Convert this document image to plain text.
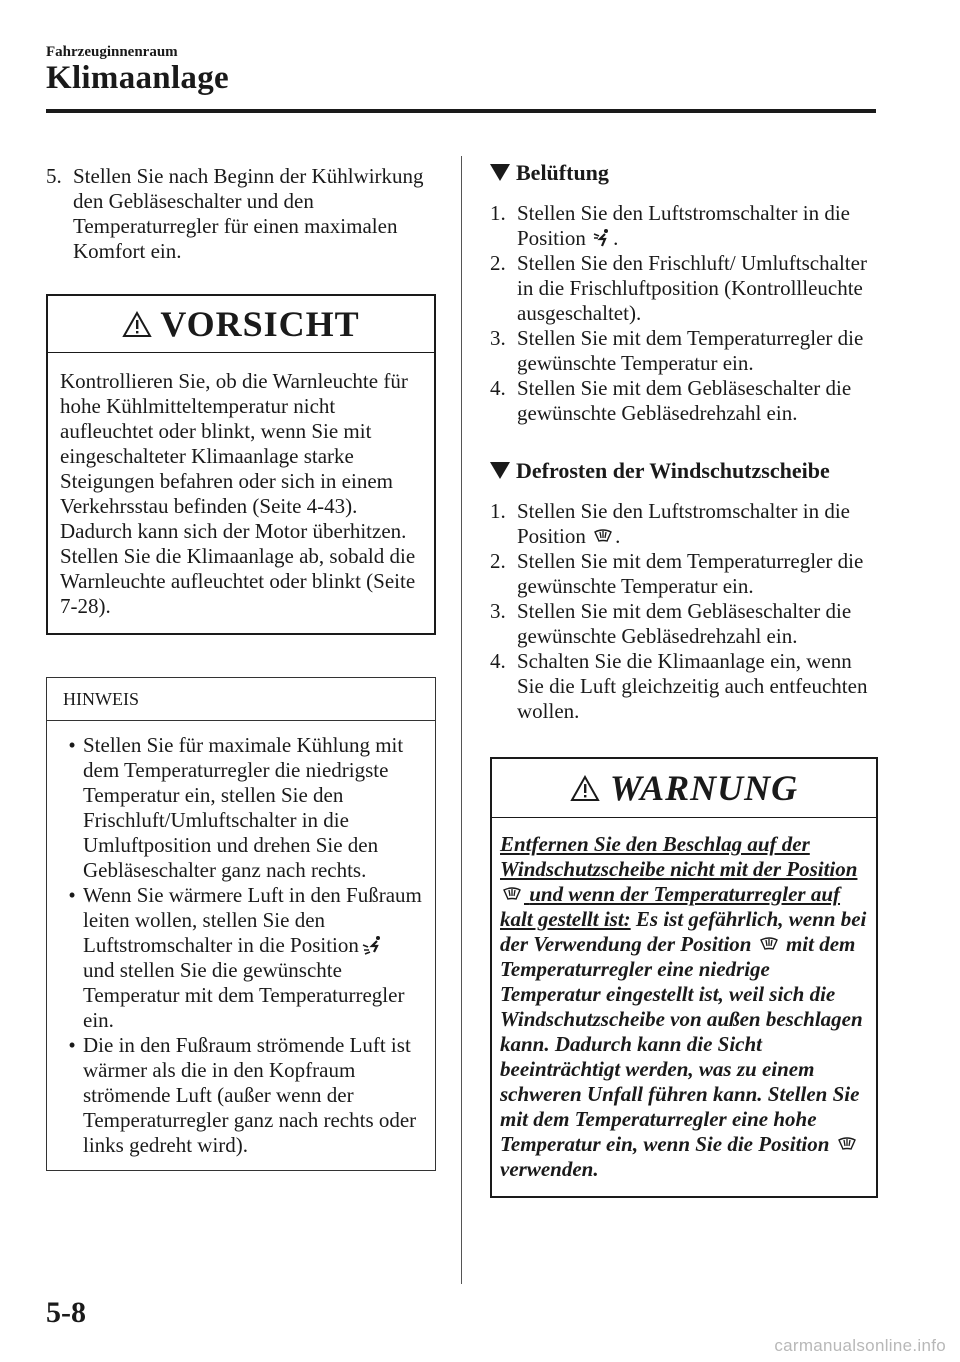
Fahrzeuginnenraum
Klimaanlage
5. Stellen Sie nach Beginn der Kühlwirkung den Gebläseschalter und den Temperaturregler für einen maximalen Komfort ein.
VORSICHT
Kontrollieren Sie, ob die Warnleuchte für hohe Kühlmitteltemperatur nicht aufleuchtet oder blinkt, wenn Sie mit eingeschalteter Klimaanlage starke Steigungen befahren oder sich in einem Verkehrsstau befinden (Seite 4-43). Dadurch kann sich der Motor überhitzen. Stellen Sie die Klimaanlage ab, sobald die Warnleuchte aufleuchtet oder blinkt (Seite 7-28).
HINWEIS
• Stellen Sie für maximale Kühlung mit dem Temperaturregler die niedrigste Temperatur ein, stellen Sie den Frischluft/Umluftschalter in die Umluftposition und drehen Sie den Gebläseschalter ganz nach rechts.
• Wenn Sie wärmere Luft in den Fußraum leiten wollen, stellen Sie den Luftstromschalter in die Position
und stellen Sie die gewünschte Temperatur mit dem Temperaturregler ein.
• Die in den Fußraum strömende Luft ist wärmer als die in den Kopfraum strömende Luft (außer wenn der Temperaturregler ganz nach rechts oder links gedreht wird).
Belüftung
1. Stellen Sie den Luftstromschalter in die Position .
2. Stellen Sie den Frischluft/ Umluftschalter in die Frischluftposition (Kontrollleuchte ausgeschaltet).
3. Stellen Sie mit dem Temperaturregler die gewünschte Temperatur ein.
4. Stellen Sie mit dem Gebläseschalter die gewünschte Gebläsedrehzahl ein.
Defrosten der Windschutzscheibe
1. Stellen Sie den Luftstromschalter in die Position .
2. Stellen Sie mit dem Temperaturregler die gewünschte Temperatur ein.
3. Stellen Sie mit dem Gebläseschalter die gewünschte Gebläsedrehzahl ein.
4. Schalten Sie die Klimaanlage ein, wenn Sie die Luft gleichzeitig auch entfeuchten wollen.
WARNUNG
Entfernen Sie den Beschlag auf der Windschutzscheibe nicht mit der Position  und wenn der Temperaturregler auf kalt gestellt ist: Es ist gefährlich, wenn bei der Verwendung der Position mit dem Temperaturregler eine niedrige Temperatur eingestellt ist, weil sich die Windschutzscheibe von außen beschlagen kann. Dadurch kann die Sicht beeinträchtigt werden, was zu einem schweren Unfall führen kann. Stellen Sie mit dem Temperaturregler eine hohe Temperatur ein, wenn Sie die Position  verwenden.
5-8
carmanualsonline.info
